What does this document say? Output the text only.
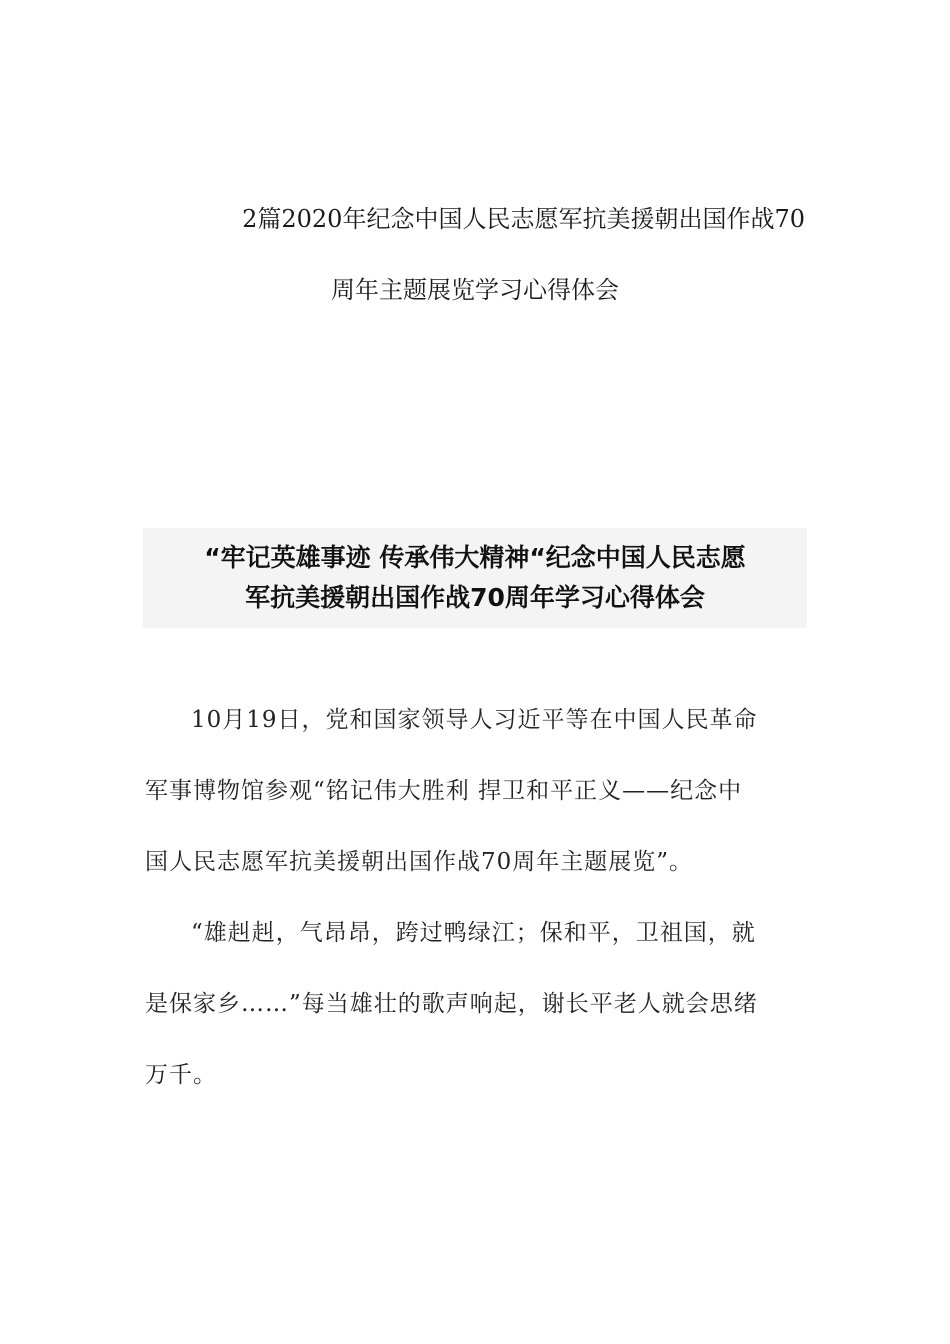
2篇2020年纪念中国人民志愿军抗美援朝出国作战70
周年主题展览学习心得体会
“牢记英雄事迹 传承伟大精神“纪念中国人民志愿
军抗美援朝出国作战70周年学习心得体会
10月19日，党和国家领导人习近平等在中国人民革命
军事博物馆参观“铭记伟大胜利 捍卫和平正义——纪念中
国人民志愿军抗美援朝出国作战70周年主题展览”。
“雄赳赳，气昂昂，跨过鸭绿江；保和平，卫祖国，就
是保家乡……”每当雄壮的歌声响起，谢长平老人就会思绪
万千。
